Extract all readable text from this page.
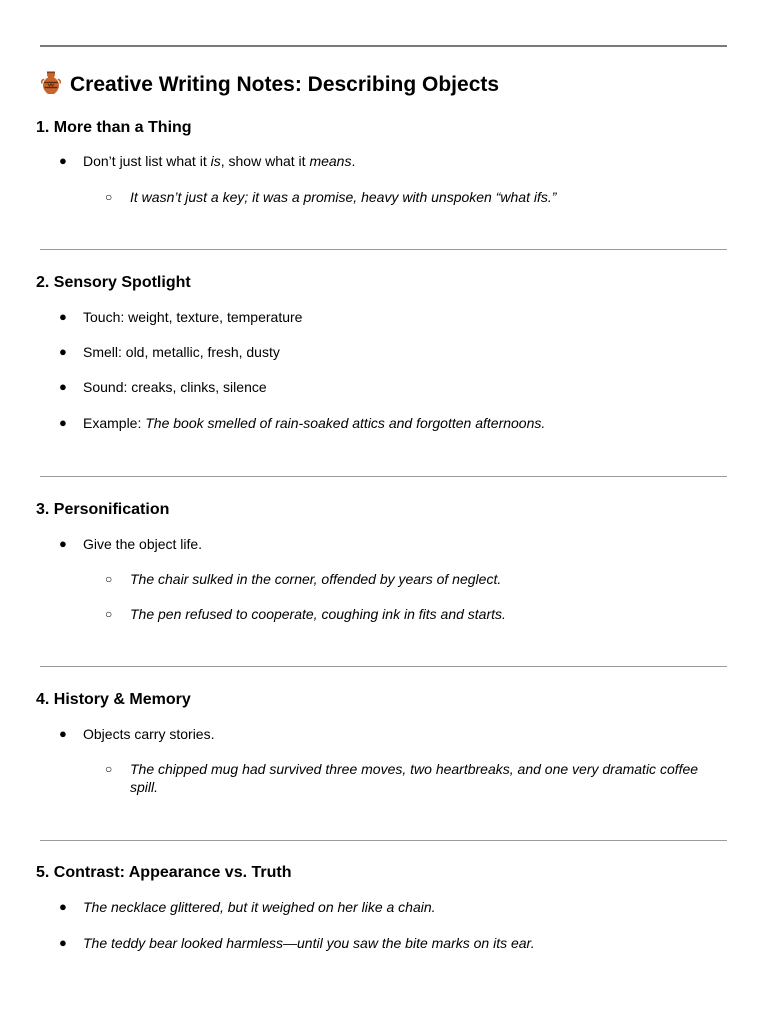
Creative Writing Notes: Describing Objects
1. More than a Thing
● Don’t just list what it is, show what it means.
○ It wasn’t just a key; it was a promise, heavy with unspoken “what ifs.”
2. Sensory Spotlight
● Touch: weight, texture, temperature
● Smell: old, metallic, fresh, dusty
● Sound: creaks, clinks, silence
● Example: The book smelled of rain-soaked attics and forgotten afternoons.
3. Personification
● Give the object life.
○ The chair sulked in the corner, offended by years of neglect.
○ The pen refused to cooperate, coughing ink in fits and starts.
4. History & Memory
● Objects carry stories.
○ The chipped mug had survived three moves, two heartbreaks, and one very dramatic coffee spill.
5. Contrast: Appearance vs. Truth
● The necklace glittered, but it weighed on her like a chain.
● The teddy bear looked harmless—until you saw the bite marks on its ear.
